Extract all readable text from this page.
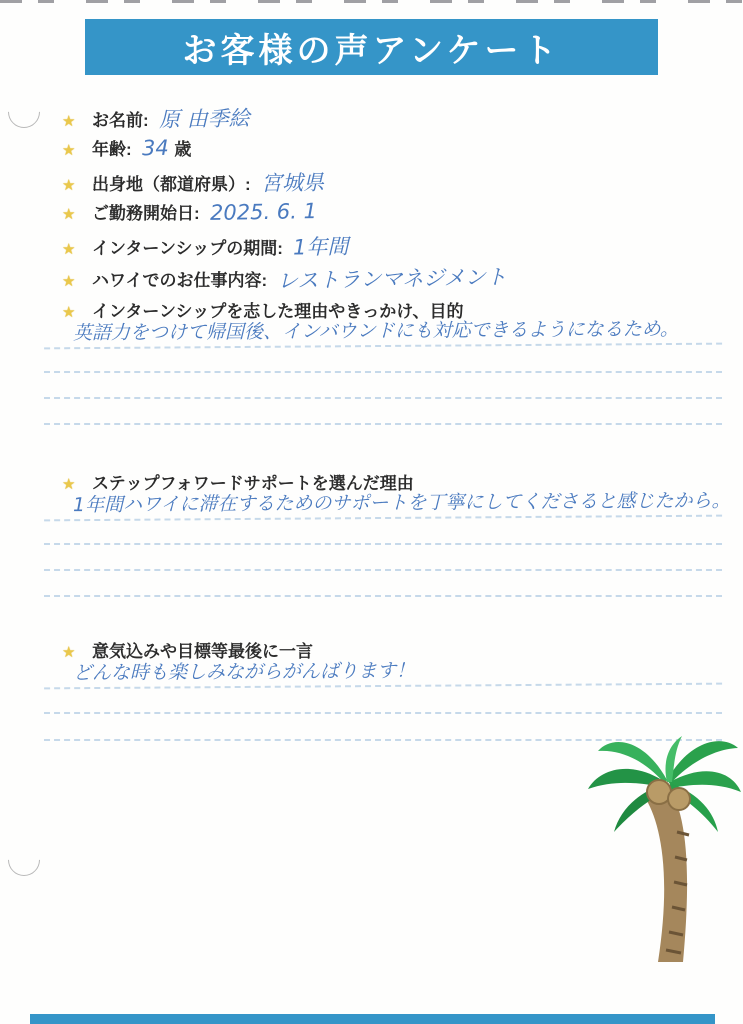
お客様の声アンケート
★ お名前: 原 由季絵
★ 年齢: 34 歳
★ 出身地（都道府県）: 宮城県
★ ご勤務開始日: 2025. 6. 1
★ インターンシップの期間: 1年間
★ ハワイでのお仕事内容: レストランマネジメント
★ インターンシップを志した理由やきっかけ、目的
英語力をつけて帰国後、インバウンドにも対応できるようになるため。
★ ステップフォワードサポートを選んだ理由
1年間ハワイに滞在するためのサポートを丁寧にしてくださると感じたから。
★ 意気込みや目標等最後に一言
どんな時も楽しみながらがんばります！
